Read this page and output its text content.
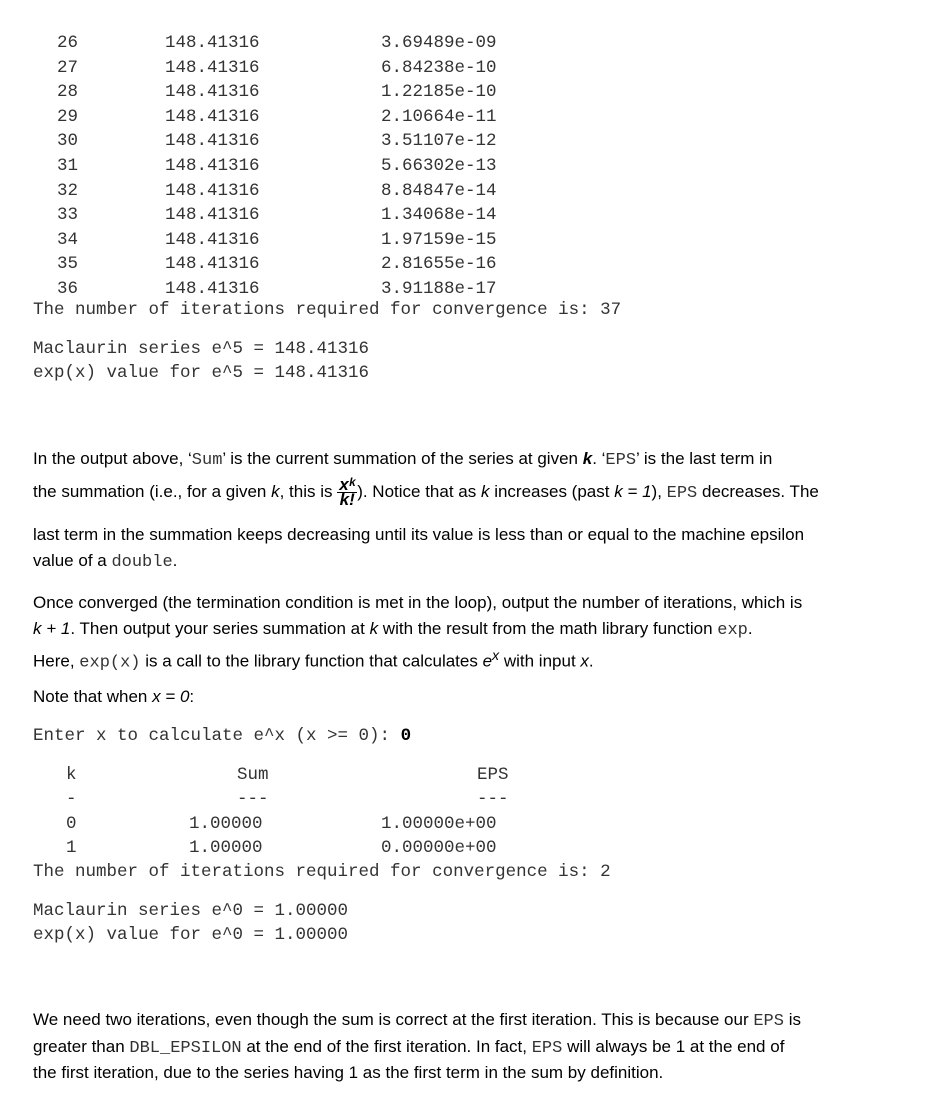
26	148.41316	3.69489e-09
27	148.41316	6.84238e-10
28	148.41316	1.22185e-10
29	148.41316	2.10664e-11
30	148.41316	3.51107e-12
31	148.41316	5.66302e-13
32	148.41316	8.84847e-14
33	148.41316	1.34068e-14
34	148.41316	1.97159e-15
35	148.41316	2.81655e-16
36	148.41316	3.91188e-17
The number of iterations required for convergence is: 37
Maclaurin series e^5 = 148.41316
exp(x) value for e^5 = 148.41316
In the output above, ‘Sum’ is the current summation of the series at given k. ‘EPS’ is the last term in
the summation (i.e., for a given k, this is $\frac{\text{xᵏ}}{k!}$ ). Notice that as k increases (past k = 1), EPS decreases. The
last term in the summation keeps decreasing until its value is less than or equal to the machine epsilon
value of a double.
Once converged (the termination condition is met in the loop), output the number of iterations, which is
k + 1. Then output your series summation at k with the result from the math library function exp.
Here, exp(x) is a call to the library function that calculates $e^x$ with input x.
Note that when x = 0:
Enter x to calculate e^x (x >= 0): 0
k	Sum	EPS
-	---	---
0	1.00000	1.00000e+00
1	1.00000	0.00000e+00
The number of iterations required for convergence is: 2
Maclaurin series e^0 = 1.00000
exp(x) value for e^0 = 1.00000
We need two iterations, even though the sum is correct at the first iteration. This is because our EPS is
greater than DBL_EPSILON at the end of the first iteration. In fact, EPS will always be 1 at the end of
the first iteration, due to the series having 1 as the first term in the sum by definition.
